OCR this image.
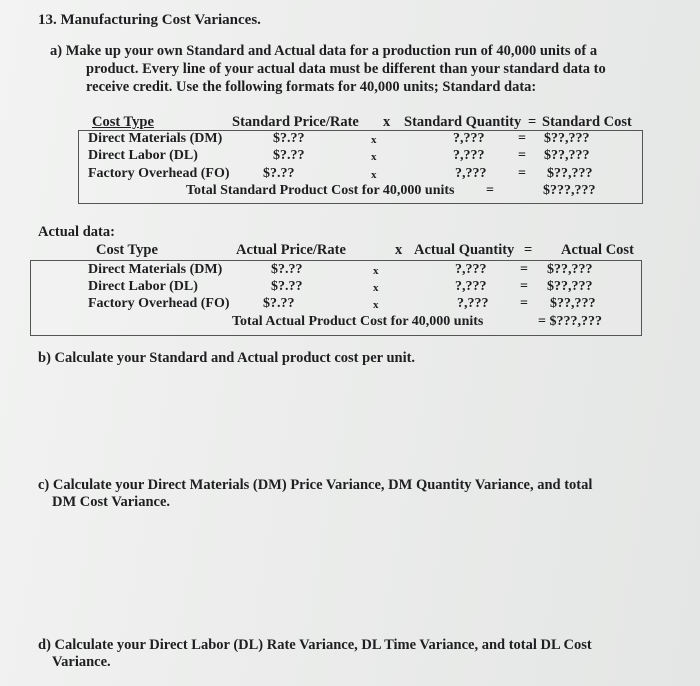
13. Manufacturing Cost Variances.
a) Make up your own Standard and Actual data for a production run of 40,000 units of a
product. Every line of your actual data must be different than your standard data to
receive credit. Use the following formats for 40,000 units; Standard data:
Cost Type	Standard Price/Rate x Standard Quantity = Standard Cost
Direct Materials (DM)	$?.??	x	?,??? = $??,???
Direct Labor (DL)	$?.??	x	?,??? = $??,???
Factory Overhead (FO) $?.??	x	?,??? = $??,???
Total Standard Product Cost for 40,000 units =	$???,???
Actual data:
Cost Type	Actual Price/Rate	x Actual Quantity = Actual Cost
Direct Materials (DM)	$?.??	x	?,??? = $??,???
Direct Labor (DL)	$?.??	x	?,??? = $??,???
Factory Overhead (FO) $?.??	x	?,??? = $??,???
Total Actual Product Cost for 40,000 units	= $???,???
b) Calculate your Standard and Actual product cost per unit.
c) Calculate your Direct Materials (DM) Price Variance, DM Quantity Variance, and total
DM Cost Variance.
d) Calculate your Direct Labor (DL) Rate Variance, DL Time Variance, and total DL Cost
Variance.
